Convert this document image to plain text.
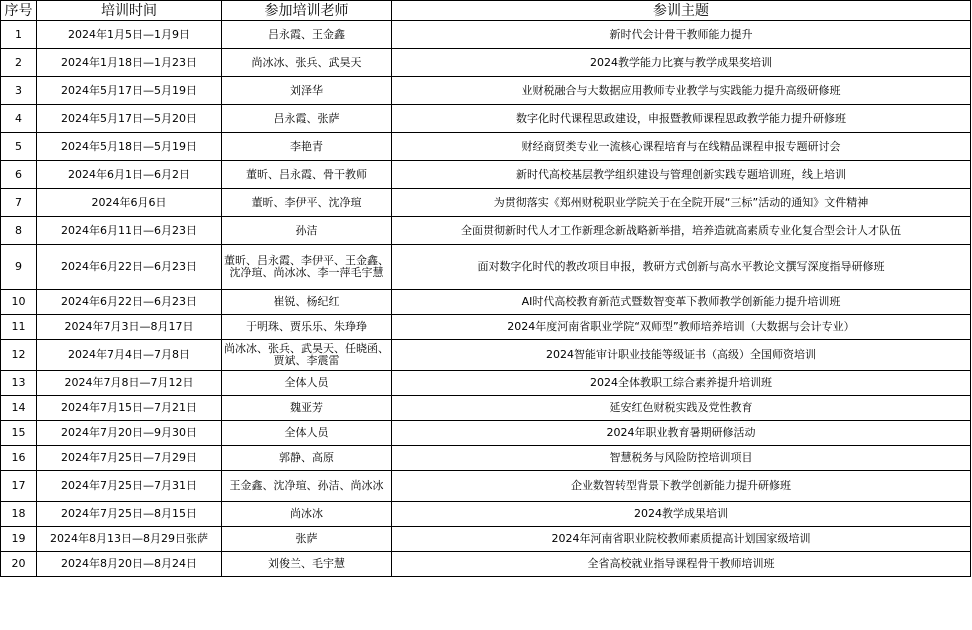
序号	培训时间	参加培训老师	参训主题
1	2024年1月5日—1月9日	吕永霞、王金鑫	新时代会计骨干教师能力提升
2	2024年1月18日—1月23日	尚冰冰、张兵、武昊天	2024教学能力比赛与教学成果奖培训
3	2024年5月17日—5月19日	刘泽华	业财税融合与大数据应用教师专业教学与实践能力提升高级研修班
4	2024年5月17日—5月20日	吕永霞、张萨	数字化时代课程思政建设，申报暨教师课程思政教学能力提升研修班
5	2024年5月18日—5月19日	李艳青	财经商贸类专业一流核心课程培育与在线精品课程申报专题研讨会
6	2024年6月1日—6月2日	董昕、吕永霞、骨干教师	新时代高校基层教学组织建设与管理创新实践专题培训班，线上培训
7	2024年6月6日	董昕、李伊平、沈净瑄	为贯彻落实《郑州财税职业学院关于在全院开展“三标”活动的通知》文件精神
8	2024年6月11日—6月23日	孙洁	全面贯彻新时代人才工作新理念新战略新举措，培养造就高素质专业化复合型会计人才队伍
9	2024年6月22日—6月23日	董昕、吕永霞、李伊平、王金鑫、沈净瑄、尚冰冰、李一萍毛宇慧	面对数字化时代的教改项目申报，教研方式创新与高水平教论文撰写深度指导研修班
10	2024年6月22日—6月23日	崔锐、杨纪红	AI时代高校教育新范式暨数智变革下教师教学创新能力提升培训班
11	2024年7月3日—8月17日	于明珠、贾乐乐、朱琤琤	2024年度河南省职业学院“双师型”教师培养培训（大数据与会计专业）
12	2024年7月4日—7月8日	尚冰冰、张兵、武昊天、任晓函、贾斌、李震雷	2024智能审计职业技能等级证书（高级）全国师资培训
13	2024年7月8日—7月12日	全体人员	2024全体教职工综合素养提升培训班
14	2024年7月15日—7月21日	魏亚芳	延安红色财税实践及党性教育
15	2024年7月20日—9月30日	全体人员	2024年职业教育暑期研修活动
16	2024年7月25日—7月29日	郭静、高原	智慧税务与风险防控培训项目
17	2024年7月25日—7月31日	王金鑫、沈净瑄、孙洁、尚冰冰	企业数智转型背景下教学创新能力提升研修班
18	2024年7月25日—8月15日	尚冰冰	2024教学成果培训
19	2024年8月13日—8月29日张萨	张萨	2024年河南省职业院校教师素质提高计划国家级培训
20	2024年8月20日—8月24日	刘俊兰、毛宇慧	全省高校就业指导课程骨干教师培训班
